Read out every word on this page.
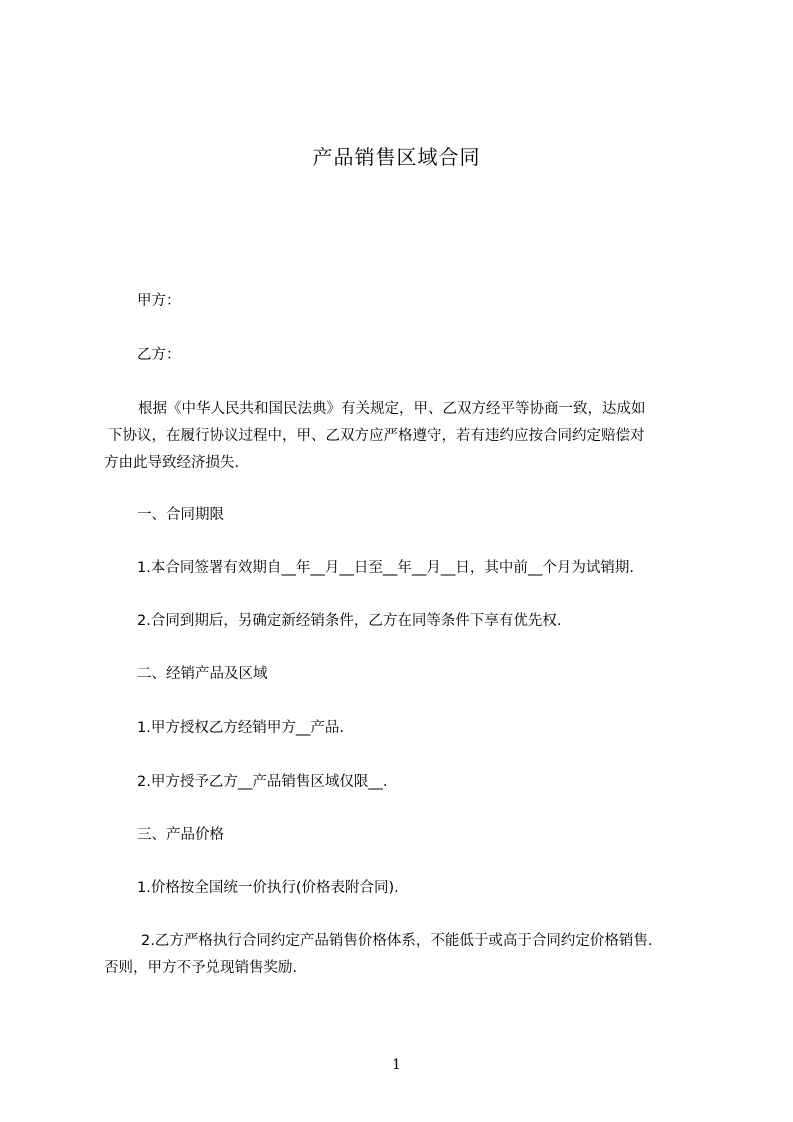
产品销售区域合同
甲方：
乙方：
根据《中华人民共和国民法典》有关规定，甲、乙双方经平等协商一致，达成如
下协议，在履行协议过程中，甲、乙双方应严格遵守，若有违约应按合同约定赔偿对
方由此导致经济损失.
一、合同期限
1.本合同签署有效期自__年__月__日至__年__月__日，其中前__个月为试销期.
2.合同到期后，另确定新经销条件，乙方在同等条件下享有优先权.
二、经销产品及区域
1.甲方授权乙方经销甲方__产品.
2.甲方授予乙方__产品销售区域仅限__.
三、产品价格
1.价格按全国统一价执行(价格表附合同).
2.乙方严格执行合同约定产品销售价格体系，不能低于或高于合同约定价格销售.
否则，甲方不予兑现销售奖励.
1
